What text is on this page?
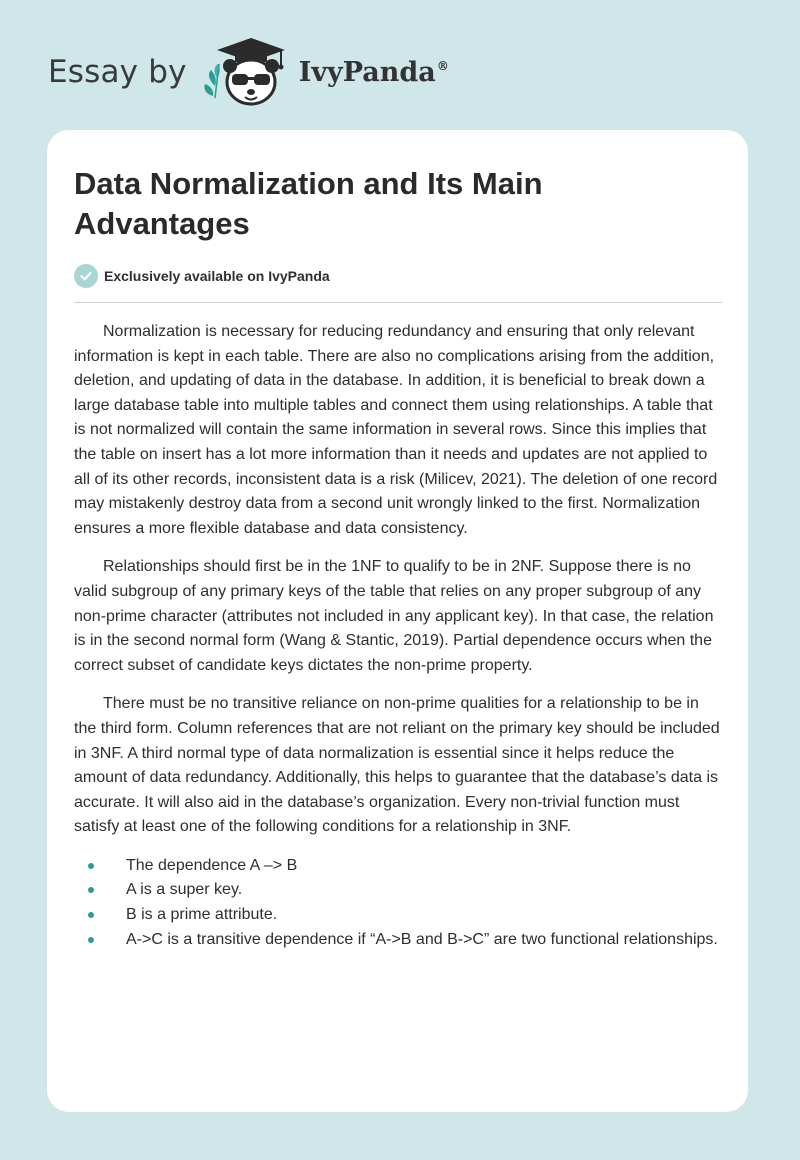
Essay by	IvyPanda®
Data Normalization and Its Main Advantages
Exclusively available on IvyPanda

Normalization is necessary for reducing redundancy and ensuring that only relevant information is kept in each table. There are also no complications arising from the addition, deletion, and updating of data in the database. In addition, it is beneficial to break down a large database table into multiple tables and connect them using relationships. A table that is not normalized will contain the same information in several rows. Since this implies that the table on insert has a lot more information than it needs and updates are not applied to all of its other records, inconsistent data is a risk (Milicev, 2021). The deletion of one record may mistakenly destroy data from a second unit wrongly linked to the first. Normalization ensures a more flexible database and data consistency.

Relationships should first be in the 1NF to qualify to be in 2NF. Suppose there is no valid subgroup of any primary keys of the table that relies on any proper subgroup of any non-prime character (attributes not included in any applicant key). In that case, the relation is in the second normal form (Wang & Stantic, 2019). Partial dependence occurs when the correct subset of candidate keys dictates the non-prime property.

There must be no transitive reliance on non-prime qualities for a relationship to be in the third form. Column references that are not reliant on the primary key should be included in 3NF. A third normal type of data normalization is essential since it helps reduce the amount of data redundancy. Additionally, this helps to guarantee that the database’s data is accurate. It will also aid in the database’s organization. Every non-trivial function must satisfy at least one of the following conditions for a relationship in 3NF.

The dependence A –> B
A is a super key.
B is a prime attribute.
A->C is a transitive dependence if “A->B and B->C” are two functional relationships.
